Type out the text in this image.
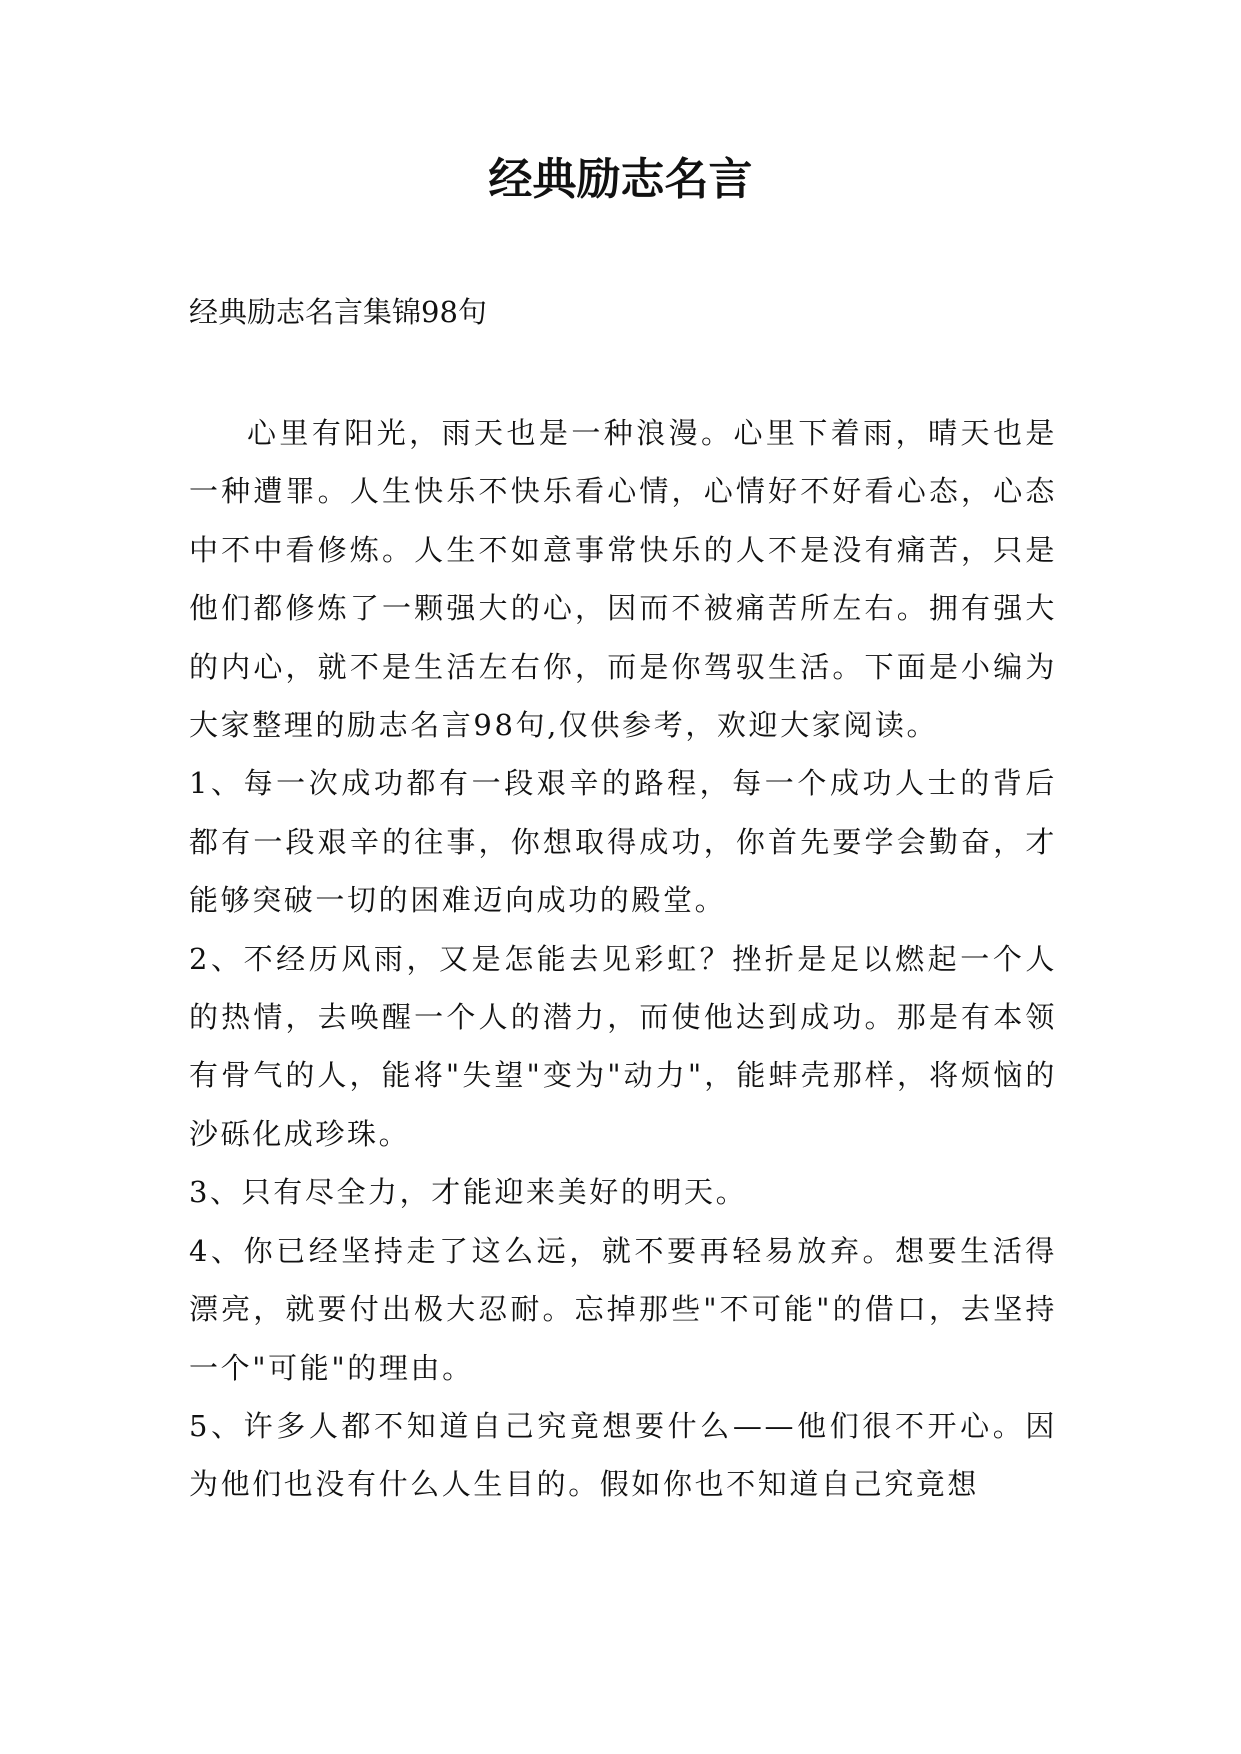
经典励志名言

经典励志名言集锦98句

心里有阳光，雨天也是一种浪漫。心里下着雨，晴天也是一种遭罪。人生快乐不快乐看心情，心情好不好看心态，心态中不中看修炼。人生不如意事常快乐的人不是没有痛苦，只是他们都修炼了一颗强大的心，因而不被痛苦所左右。拥有强大的内心，就不是生活左右你，而是你驾驭生活。下面是小编为大家整理的励志名言98句,仅供参考，欢迎大家阅读。

1、每一次成功都有一段艰辛的路程，每一个成功人士的背后都有一段艰辛的往事，你想取得成功，你首先要学会勤奋，才能够突破一切的困难迈向成功的殿堂。

2、不经历风雨，又是怎能去见彩虹？挫折是足以燃起一个人的热情，去唤醒一个人的潜力，而使他达到成功。那是有本领有骨气的人，能将"失望"变为"动力"，能蚌壳那样，将烦恼的沙砾化成珍珠。

3、只有尽全力，才能迎来美好的明天。

4、你已经坚持走了这么远，就不要再轻易放弃。想要生活得漂亮，就要付出极大忍耐。忘掉那些"不可能"的借口，去坚持一个"可能"的理由。

5、许多人都不知道自己究竟想要什么——他们很不开心。因为他们也没有什么人生目的。假如你也不知道自己究竟想
